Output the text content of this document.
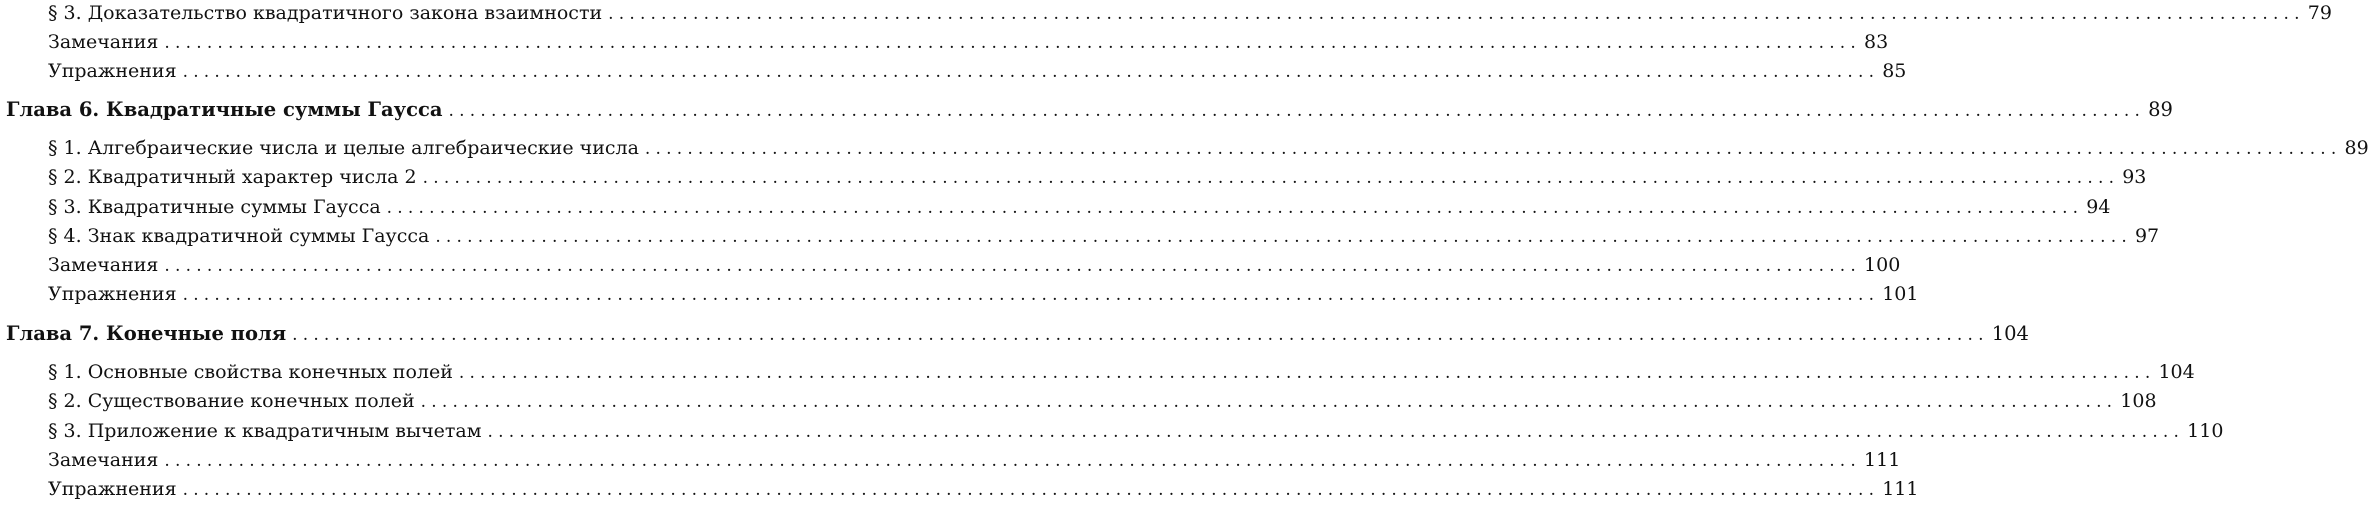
§ 3. Доказательство квадратичного закона взаимности ................................................................................................................................................................ 79
Замечания ................................................................................................................................................................ 83
Упражнения ................................................................................................................................................................ 85
Глава 6. Квадратичные суммы Гаусса ................................................................................................................................................................ 89
§ 1. Алгебраические числа и целые алгебраические числа ................................................................................................................................................................ 89
§ 2. Квадратичный характер числа 2 ................................................................................................................................................................ 93
§ 3. Квадратичные суммы Гаусса ................................................................................................................................................................ 94
§ 4. Знак квадратичной суммы Гаусса ................................................................................................................................................................ 97
Замечания ................................................................................................................................................................ 100
Упражнения ................................................................................................................................................................ 101
Глава 7. Конечные поля ................................................................................................................................................................ 104
§ 1. Основные свойства конечных полей ................................................................................................................................................................ 104
§ 2. Существование конечных полей ................................................................................................................................................................ 108
§ 3. Приложение к квадратичным вычетам ................................................................................................................................................................ 110
Замечания ................................................................................................................................................................ 111
Упражнения ................................................................................................................................................................ 111
